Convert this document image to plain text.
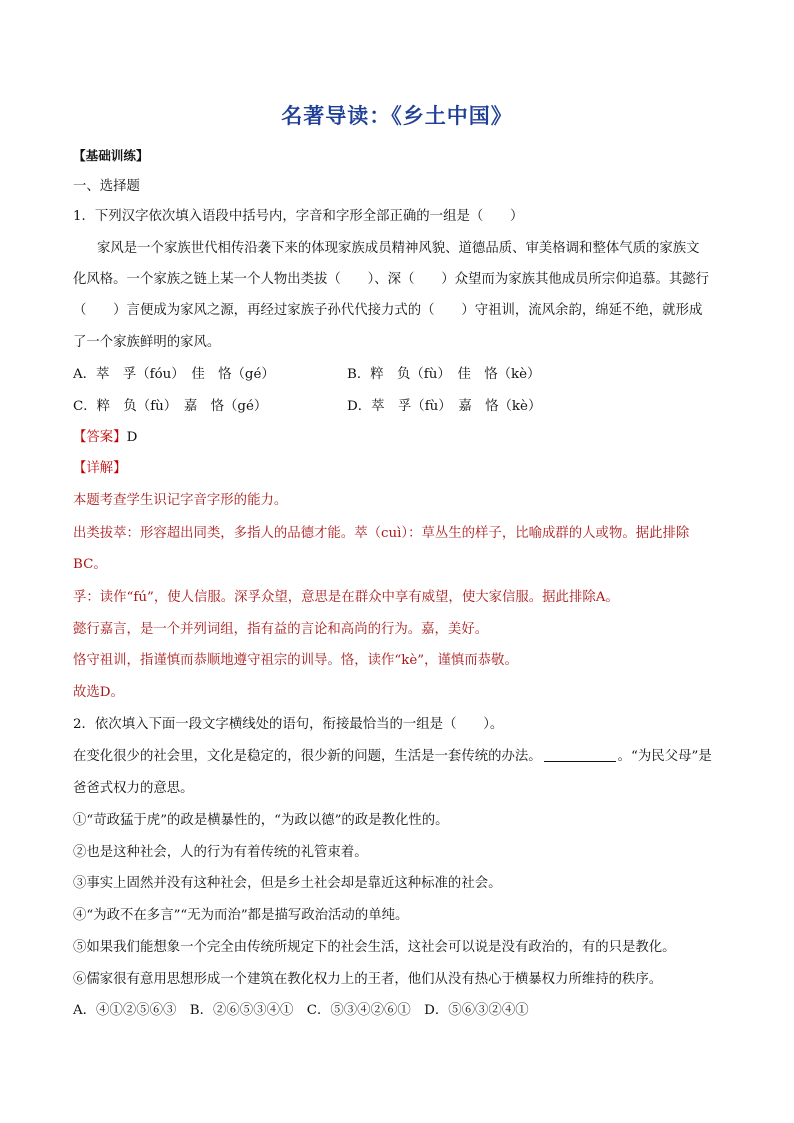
名著导读：《乡土中国》
【基础训练】
一、选择题
1．下列汉字依次填入语段中括号内，字音和字形全部正确的一组是（　　）
家风是一个家族世代相传沿袭下来的体现家族成员精神风貌、道德品质、审美格调和整体气质的家族文
化风格。一个家族之链上某一个人物出类拔（　　）、深（　　）众望而为家族其他成员所宗仰追慕。其懿行
（　　）言便成为家风之源，再经过家族子孙代代接力式的（　　）守祖训，流风余韵，绵延不绝，就形成
了一个家族鲜明的家风。
A．萃　孚（fóu）　佳　恪（gé）	B．粹　负（fù）　佳　恪（kè）
C．粹　负（fù）　嘉　恪（gé）	D．萃　孚（fù）　嘉　恪（kè）
【答案】D
【详解】
本题考查学生识记字音字形的能力。
出类拔萃：形容超出同类，多指人的品德才能。萃（cuì）：草丛生的样子，比喻成群的人或物。据此排除
BC。
孚：读作“fú”，使人信服。深孚众望，意思是在群众中享有威望，使大家信服。据此排除A。
懿行嘉言，是一个并列词组，指有益的言论和高尚的行为。嘉，美好。
恪守祖训，指谨慎而恭顺地遵守祖宗的训导。恪，读作“kè”，谨慎而恭敬。
故选D。
2．依次填入下面一段文字横线处的语句，衔接最恰当的一组是（　　）。
在变化很少的社会里，文化是稳定的，很少新的问题，生活是一套传统的办法。	。“为民父母”是
爸爸式权力的意思。
①“苛政猛于虎”的政是横暴性的，“为政以德”的政是教化性的。
②也是这种社会，人的行为有着传统的礼管束着。
③事实上固然并没有这种社会，但是乡土社会却是靠近这种标准的社会。
④“为政不在多言”“无为而治”都是描写政治活动的单纯。
⑤如果我们能想象一个完全由传统所规定下的社会生活，这社会可以说是没有政治的，有的只是教化。
⑥儒家很有意用思想形成一个建筑在教化权力上的王者，他们从没有热心于横暴权力所维持的秩序。
A．④①②⑤⑥③　B．②⑥⑤③④①　C．⑤③④②⑥①　D．⑤⑥③②④①
